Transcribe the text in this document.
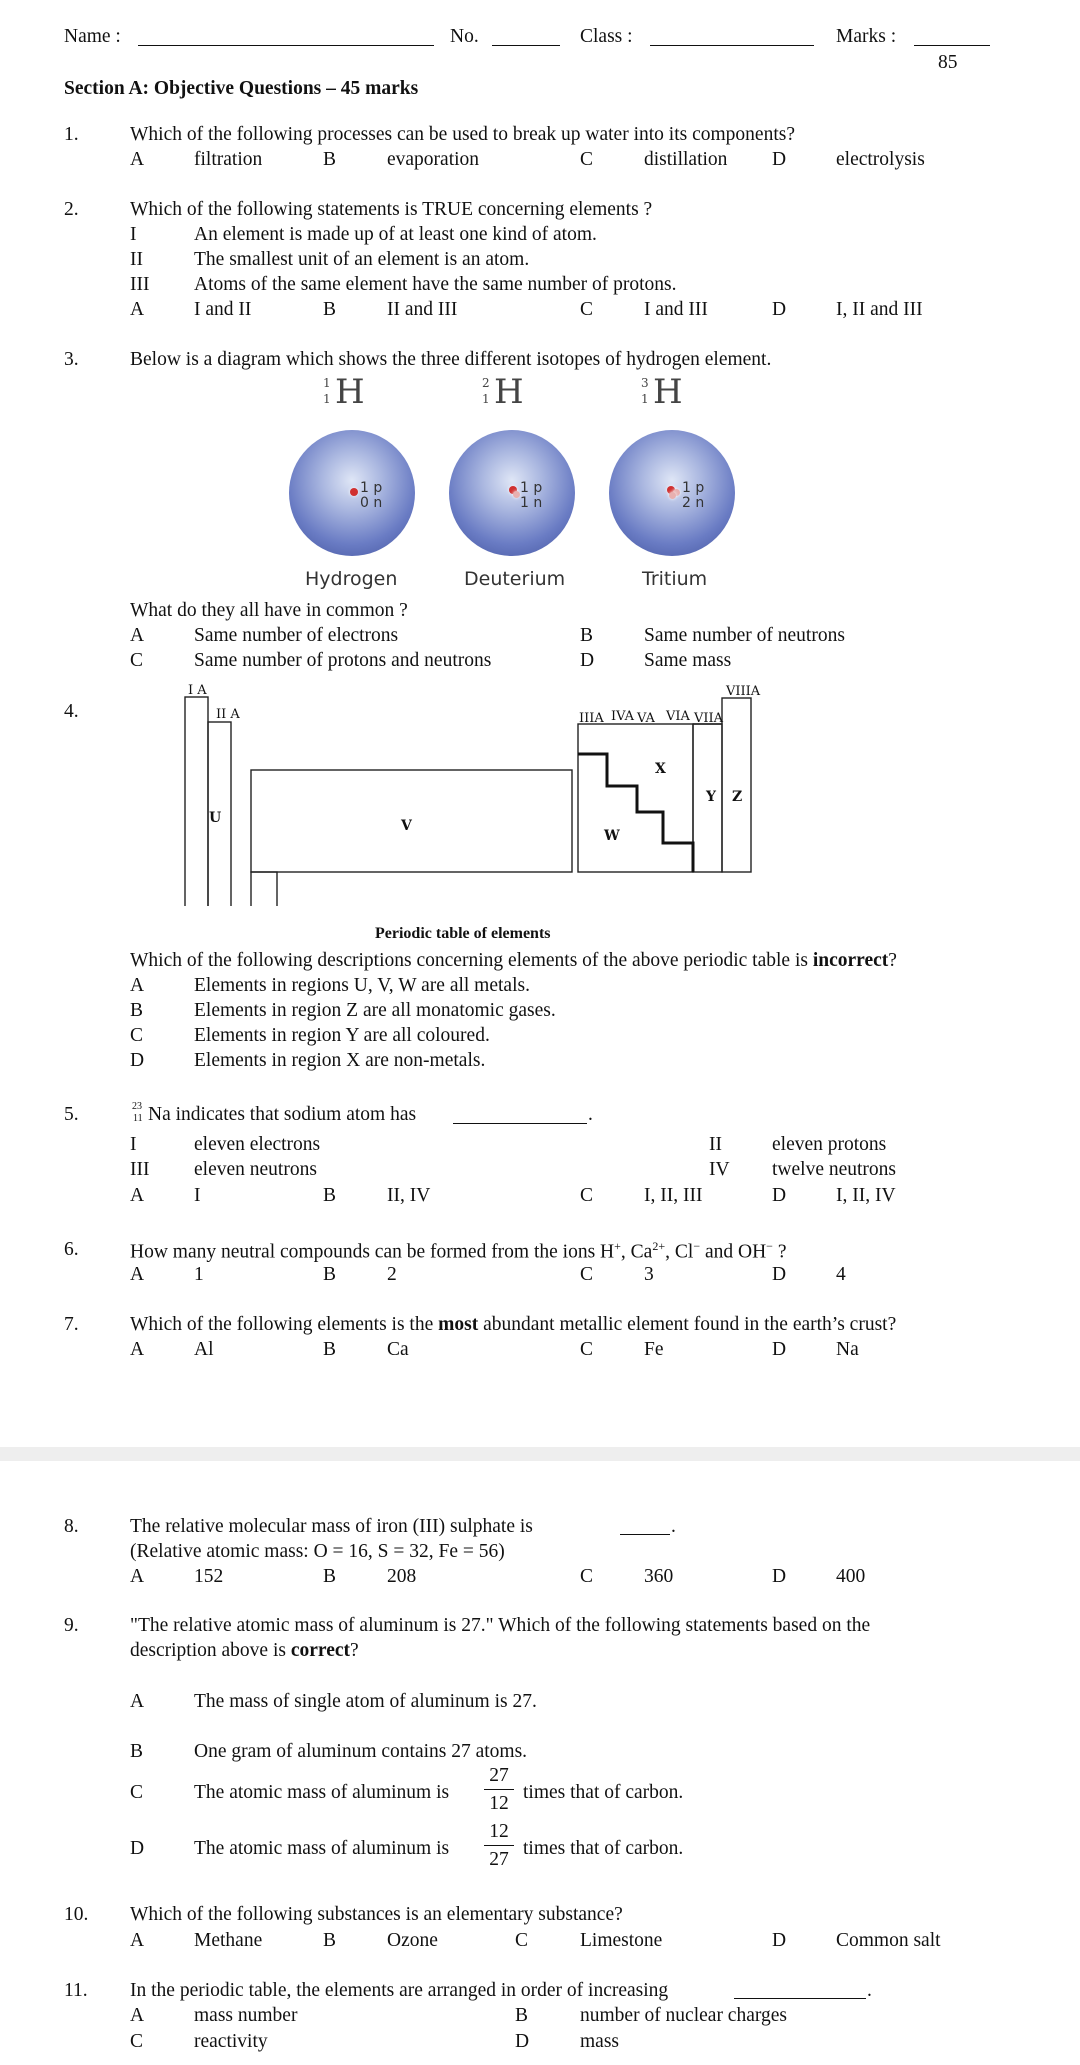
Name :	No.	Class :	Marks :
85
Section A: Objective Questions – 45 marks
1.	Which of the following processes can be used to break up water into its components?
A	filtration	B	evaporation	C	distillation D	electrolysis
2.	Which of the following statements is TRUE concerning elements ?
I	An element is made up of at least one kind of atom.
II	The smallest unit of an element is an atom.
III Atoms of the same element have the same number of protons.
A	I and II	B	II and III	C	I and III	D	I, II and III
3.	Below is a diagram which shows the three different isotopes of hydrogen element.
1
1 H
1 p
0 n
Hydrogen
2
1 H
1 p
1 n
Deuterium
3
1 H
1 p
2 n
Tritium
What do they all have in common ?
A	Same number of electrons	B	Same number of neutrons
C	Same number of protons and neutrons	D	Same mass
4.
I A
II A	IIIA IVA VA VIA VIIA
VIIIA
U	V
W
X
Y Z
Periodic table of elements
Which of the following descriptions concerning elements of the above periodic table is incorrect?
A	Elements in regions U, V, W are all metals.
B	Elements in region Z are all monatomic gases.
C	Elements in region Y are all coloured.
D	Elements in region X are non-metals.
5.	23
11 Na indicates that sodium atom has	.
I	eleven electrons	II	eleven protons
III eleven neutrons	IV twelve neutrons
A	I	B	II, IV	C	I, II, III	D	I, II, IV
6.	How many neutral compounds can be formed from the ions H+, $Ca^{2+}$, Cl− and OH− ?
A	1	B	2	C	3	D	4
7.	Which of the following elements is the most abundant metallic element found in the earth’s crust?
A	Al	B	Ca	C	Fe	D	Na
8.	The relative molecular mass of iron (III) sulphate is	.
(Relative atomic mass: O = 16, S = 32, Fe = 56)
A	152	B	208	C	360	D	400
9.	"The relative atomic mass of aluminum is 27." Which of the following statements based on the
description above is correct?
A	The mass of single atom of aluminum is 27.
B	One gram of aluminum contains 27 atoms.
C	The atomic mass of aluminum is $\frac{27}{12}$ times that of carbon.
D	The atomic mass of aluminum is $\frac{12}{27}$ times that of carbon.
10. Which of the following substances is an elementary substance?
A	Methane	B	Ozone	C	Limestone	D	Common salt
11. In the periodic table, the elements are arranged in order of increasing	.
A	mass number	B	number of nuclear charges
C	reactivity	D	mass
